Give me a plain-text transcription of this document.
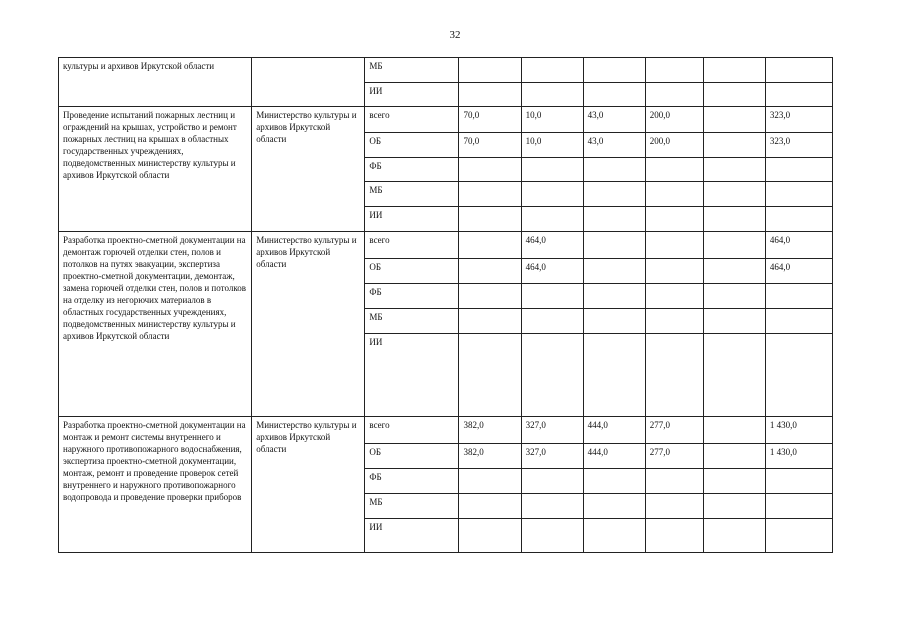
32
культуры и архивов Иркутской области		МБ						
		ИИ						
Проведение испытаний пожарных лестниц и ограждений на крышах, устройство и ремонт пожарных лестниц на крышах в областных государственных учреждениях, подведомственных министерству культуры и архивов Иркутской области	Министерство культуры и архивов Иркутской области	всего	70,0	10,0	43,0	200,0		323,0
		ОБ	70,0	10,0	43,0	200,0		323,0
		ФБ						
		МБ						
		ИИ						
Разработка проектно-сметной документации на демонтаж горючей отделки стен, полов и потолков на путях эвакуации, экспертиза проектно-сметной документации, демонтаж, замена горючей отделки стен, полов и потолков на отделку из негорючих материалов в областных государственных учреждениях, подведомственных министерству культуры и архивов Иркутской области	Министерство культуры и архивов Иркутской области	всего		464,0				464,0
		ОБ		464,0				464,0
		ФБ						
		МБ						
		ИИ						
Разработка проектно-сметной документации на монтаж и ремонт системы внутреннего и наружного противопожарного водоснабжения, экспертиза проектно-сметной документации, монтаж, ремонт и проведение проверок сетей внутреннего и наружного противопожарного водопровода и проведение проверки приборов	Министерство культуры и архивов Иркутской области	всего	382,0	327,0	444,0	277,0		1 430,0
		ОБ	382,0	327,0	444,0	277,0		1 430,0
		ФБ						
		МБ						
		ИИ						
